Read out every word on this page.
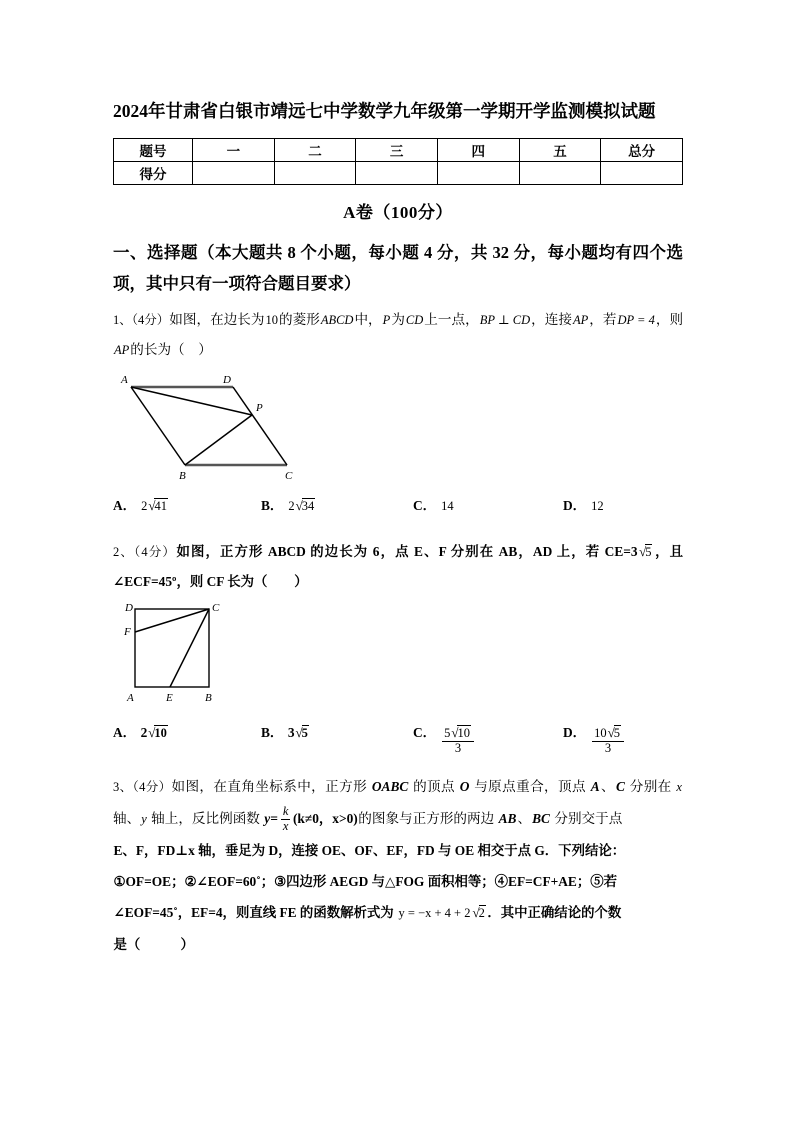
2024年甘肃省白银市靖远七中学数学九年级第一学期开学监测模拟试题
题号	一	二	三	四	五	总分
得分						
A卷（100分）
一、选择题（本大题共 8 个小题，每小题 4 分，共 32 分，每小题均有四个选项，其中只有一项符合题目要求）
1、（4分）如图，在边长为10的菱形ABCD中，P为CD上一点，BP ⊥ CD，连接AP，若DP = 4，则AP的长为（　）
A	D
B	C
P
A． 2√41	B． 2√34	C． 14	D． 12
2、（4分）如图，正方形 ABCD 的边长为 6，点 E、F 分别在 AB，AD 上，若 CE=3 √5 ，且∠ECF=45º，则 CF 长为（　　）
D	C
F
A	E	B
A． 2√10	B． 3√5	C． $\frac{5√10}{3}$	D． $\frac{10√5}{3}$
3、（4分）如图，在直角坐标系中，正方形 OABC 的顶点 O 与原点重合，顶点 A、C 分别在 x 轴、y 轴上，反比例函数 $y= \frac{k}{x} (k\ne 0$，x>0)的图象与正方形的两边 AB、BC 分别交于点
E、F，FD⊥x 轴，垂足为 D，连接 OE、OF、EF，FD 与 OE 相交于点 G．下列结论：
①OF=OE；②∠EOF=60˚；③四边形 AEGD 与△FOG 面积相等；④EF=CF+AE；⑤若
∠EOF=45˚，EF=4，则直线 FE 的函数解析式为 y = −x + 4 + 2 √2 ．其中正确结论的个数
是（　　　）
